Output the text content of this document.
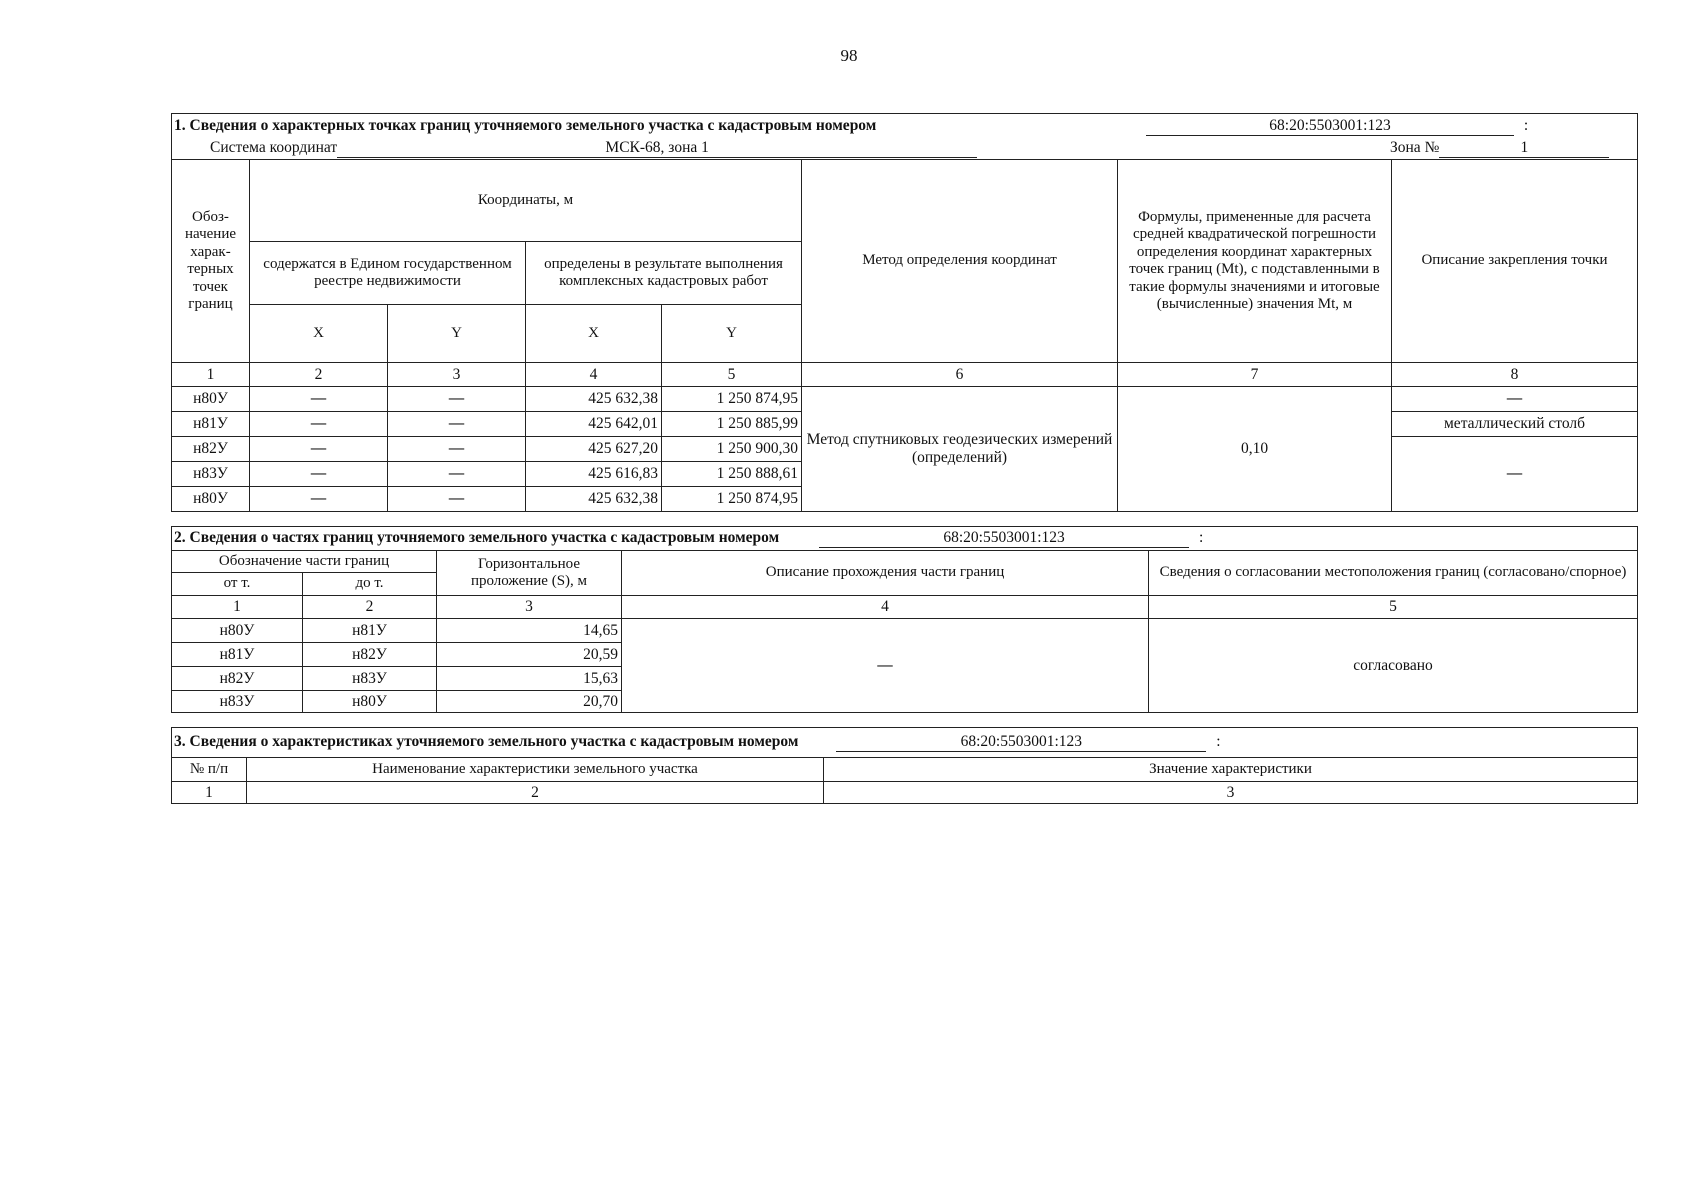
98
1. Сведения о характерных точках границ уточняемого земельного участка с кадастровым номером 68:20:5503001:123 :
Система координат МСК-68, зона 1 Зона № 1							

Обоз-начение харак-терных точек границ	Координаты, м				Метод определения координат	Формулы, примененные для расчета средней квадратической погрешности определения координат характерных точек границ (Mt), с подставленными в такие формулы значениями и итоговые (вычисленные) значения Mt, м	Описание закрепления точки
	содержатся в Едином государственном реестре недвижимости		определены в результате выполнения комплексных кадастровых работ				
	X	Y	X	Y			
1	2	3	4	5	6	7	8
н80У	—	—	425 632,38	1 250 874,95	Метод спутниковых геодезических измерений (определений)	0,10	—
н81У	—	—	425 642,01	1 250 885,99			металлический столб
н82У	—	—	425 627,20	1 250 900,30			—
н83У	—	—	425 616,83	1 250 888,61			
н80У	—	—	425 632,38	1 250 874,95			
2. Сведения о частях границ уточняемого земельного участка с кадастровым номером 68:20:5503001:123 :				
Обозначение части границ		Горизонтальное проложение (S), м	Описание прохождения части границ	Сведения о согласовании местоположения границ (согласовано/спорное)
от т.	до т.			
1	2	3	4	5
н80У	н81У	14,65	—	согласовано
н81У	н82У	20,59		
н82У	н83У	15,63		
н83У	н80У	20,70		
3. Сведения о характеристиках уточняемого земельного участка с кадастровым номером 68:20:5503001:123 :		
№ п/п	Наименование характеристики земельного участка	Значение характеристики
1	2	3
